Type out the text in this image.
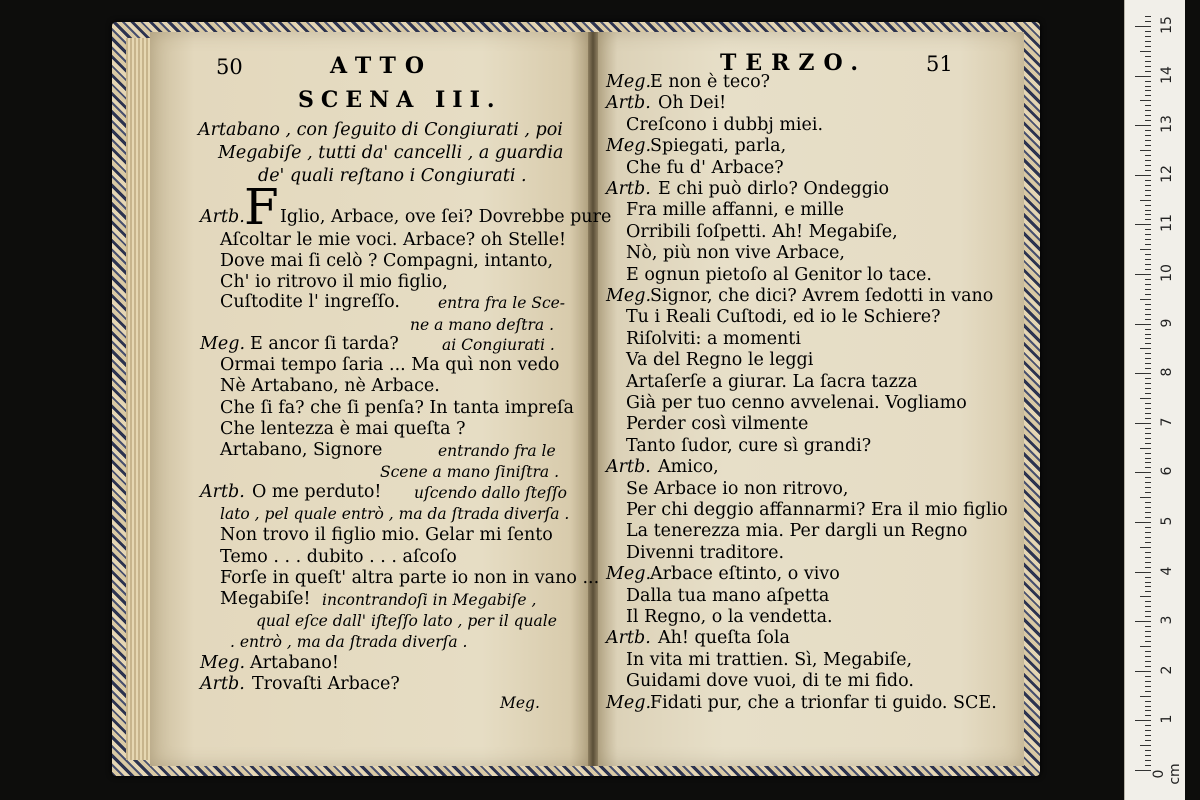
50	ATTO
SCENA III.
Artabano , con ſeguito di Congiurati , poi
Megabiſe , tutti da' cancelli , a guardia
de' quali reſtano i Congiurati .
Artb. F Iglio, Arbace, ove ſei? Dovrebbe pure
Aſcoltar le mie voci. Arbace? oh Stelle!
Dove mai ſi celò ? Compagni, intanto,
Ch' io ritrovo il mio figlio,
Cuſtodite l' ingreſſo. entra fra le Sce-
ne a mano deſtra .
Meg. E ancor ſi tarda?	ai Congiurati .
Ormai tempo ſaria ... Ma quì non vedo
Nè Artabano, nè Arbace.
Che ſi fa? che ſi penſa? In tanta impreſa
Che lentezza è mai queſta ?
Artabano, Signore	entrando fra le
Scene a mano ſiniſtra .
Artb. O me perduto! uſcendo dallo ſteſſo
lato , pel quale entrò , ma da ſtrada diverſa .
Non trovo il figlio mio. Gelar mi ſento
Temo . . . dubito . . . aſcoſo
Forſe in queſt' altra parte io non in vano ...
Megabiſe! incontrandoſi in Megabiſe ,
qual eſce dall' iſteſſo lato , per il quale
. entrò , ma da ſtrada diverſa .
Meg. Artabano!
Artb. Trovaſti Arbace?
Meg.
TERZO.	51
Meg.
E non è teco?
Artb. Oh Dei!
Creſcono i dubbj miei.
Meg.
Spiegati, parla,
Che fu d' Arbace?
Artb. E chi può dirlo? Ondeggio
Fra mille affanni, e mille
Orribili ſoſpetti. Ah! Megabiſe,
Nò, più non vive Arbace,
E ognun pietoſo al Genitor lo tace.
Meg.
Signor, che dici? Avrem ſedotti in vano
Tu i Reali Cuſtodi, ed io le Schiere?
Riſolviti: a momenti
Va del Regno le leggi
Artaſerſe a giurar. La ſacra tazza
Già per tuo cenno avvelenai. Vogliamo
Perder così vilmente
Tanto ſudor, cure sì grandi?
Artb. Amico,
Se Arbace io non ritrovo,
Per chi deggio affannarmi? Era il mio figlio
La tenerezza mia. Per dargli un Regno
Divenni traditore.
Meg.
Arbace eſtinto, o vivo
Dalla tua mano aſpetta
Il Regno, o la vendetta.
Artb. Ah! queſta ſola
In vita mi trattien. Sì, Megabiſe,
Guidami dove vuoi, di te mi fido.
Meg.
Fidati pur, che a trionfar ti guido. SCE.
0 cm
1
2
3
4
5
6
7
8
9
10
11
12
13
14
15
